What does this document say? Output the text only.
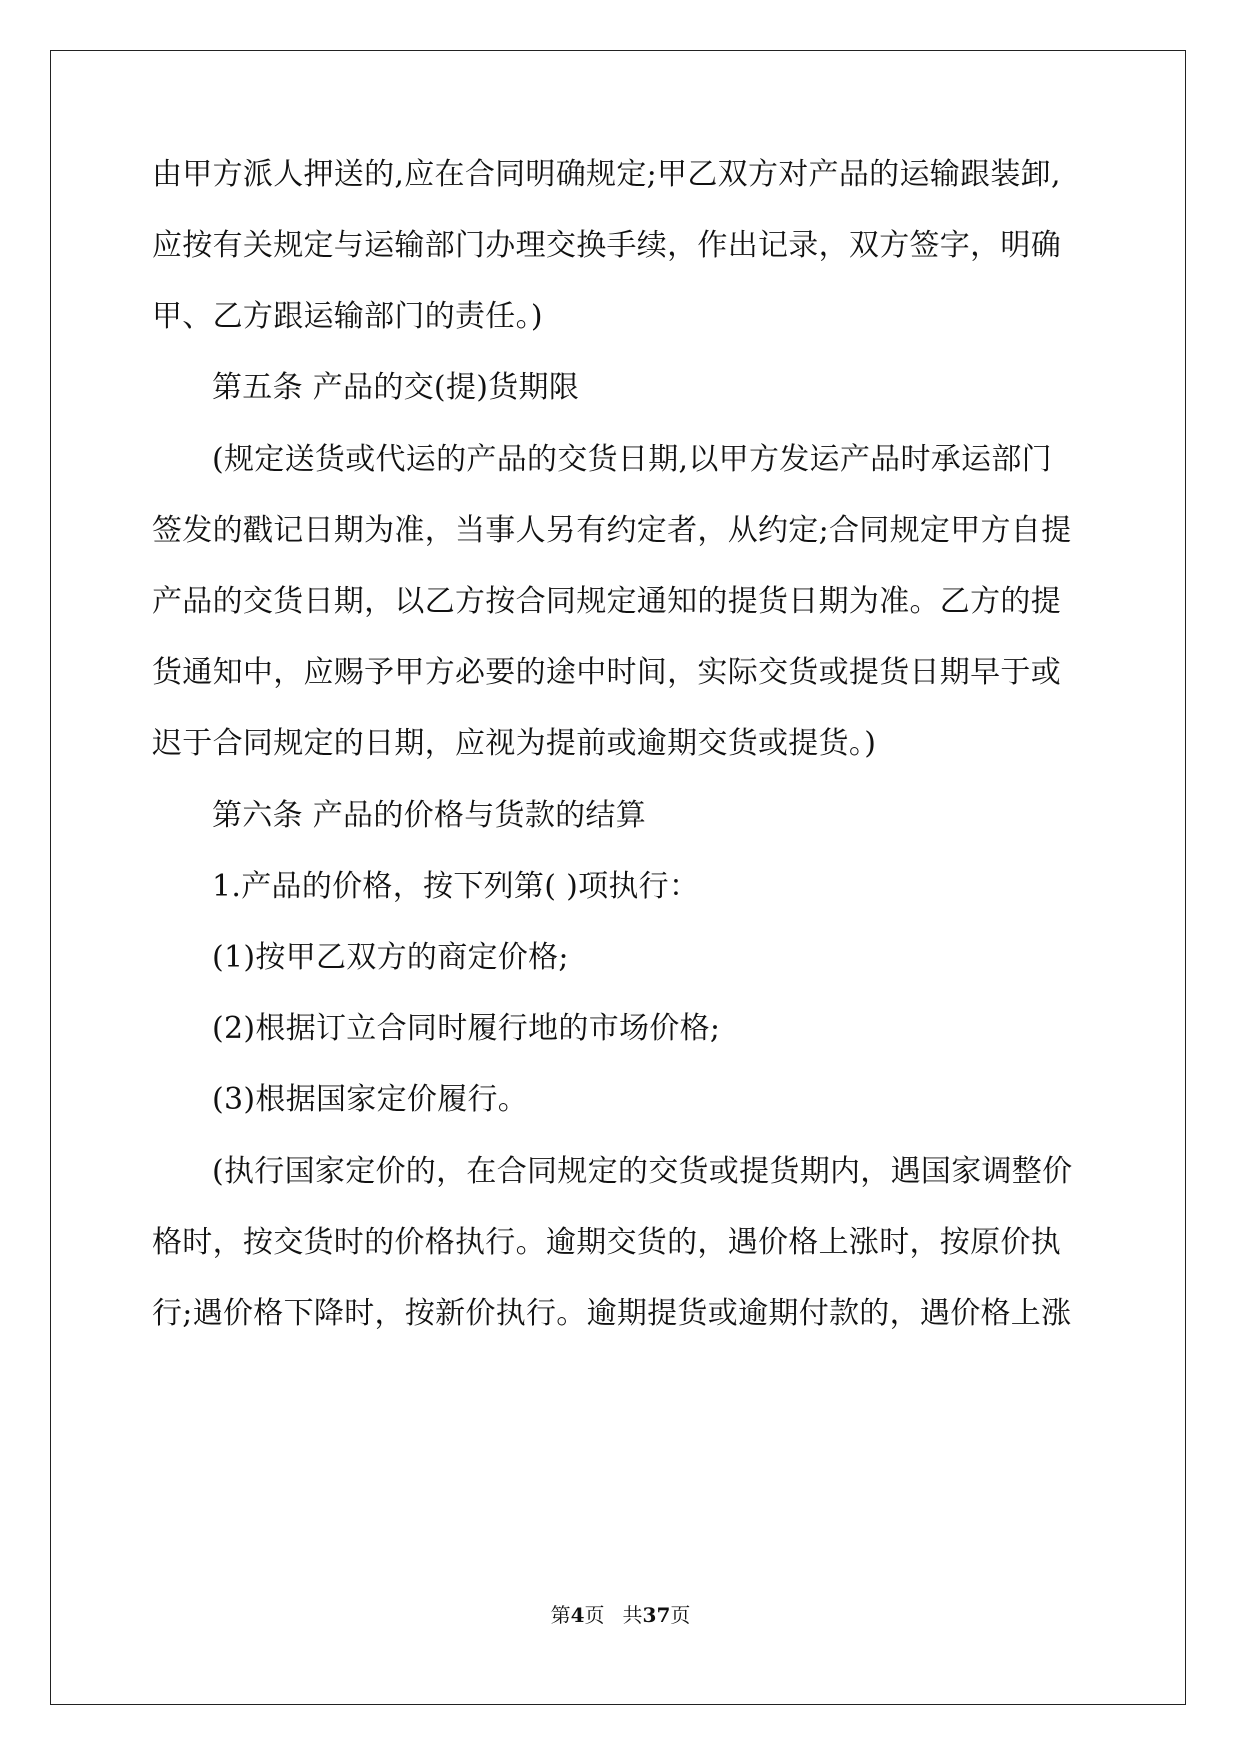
由甲方派人押送的,应在合同明确规定;甲乙双方对产品的运输跟装卸,

应按有关规定与运输部门办理交换手续，作出记录，双方签字，明确

甲、乙方跟运输部门的责任。)

第五条 产品的交(提)货期限

(规定送货或代运的产品的交货日期,以甲方发运产品时承运部门

签发的戳记日期为准，当事人另有约定者，从约定;合同规定甲方自提

产品的交货日期，以乙方按合同规定通知的提货日期为准。乙方的提

货通知中，应赐予甲方必要的途中时间，实际交货或提货日期早于或

迟于合同规定的日期，应视为提前或逾期交货或提货。)

第六条 产品的价格与货款的结算

1.产品的价格，按下列第( )项执行：

(1)按甲乙双方的商定价格;

(2)根据订立合同时履行地的市场价格;

(3)根据国家定价履行。

(执行国家定价的，在合同规定的交货或提货期内，遇国家调整价

格时，按交货时的价格执行。逾期交货的，遇价格上涨时，按原价执

行;遇价格下降时，按新价执行。逾期提货或逾期付款的，遇价格上涨

第4页 共37页
